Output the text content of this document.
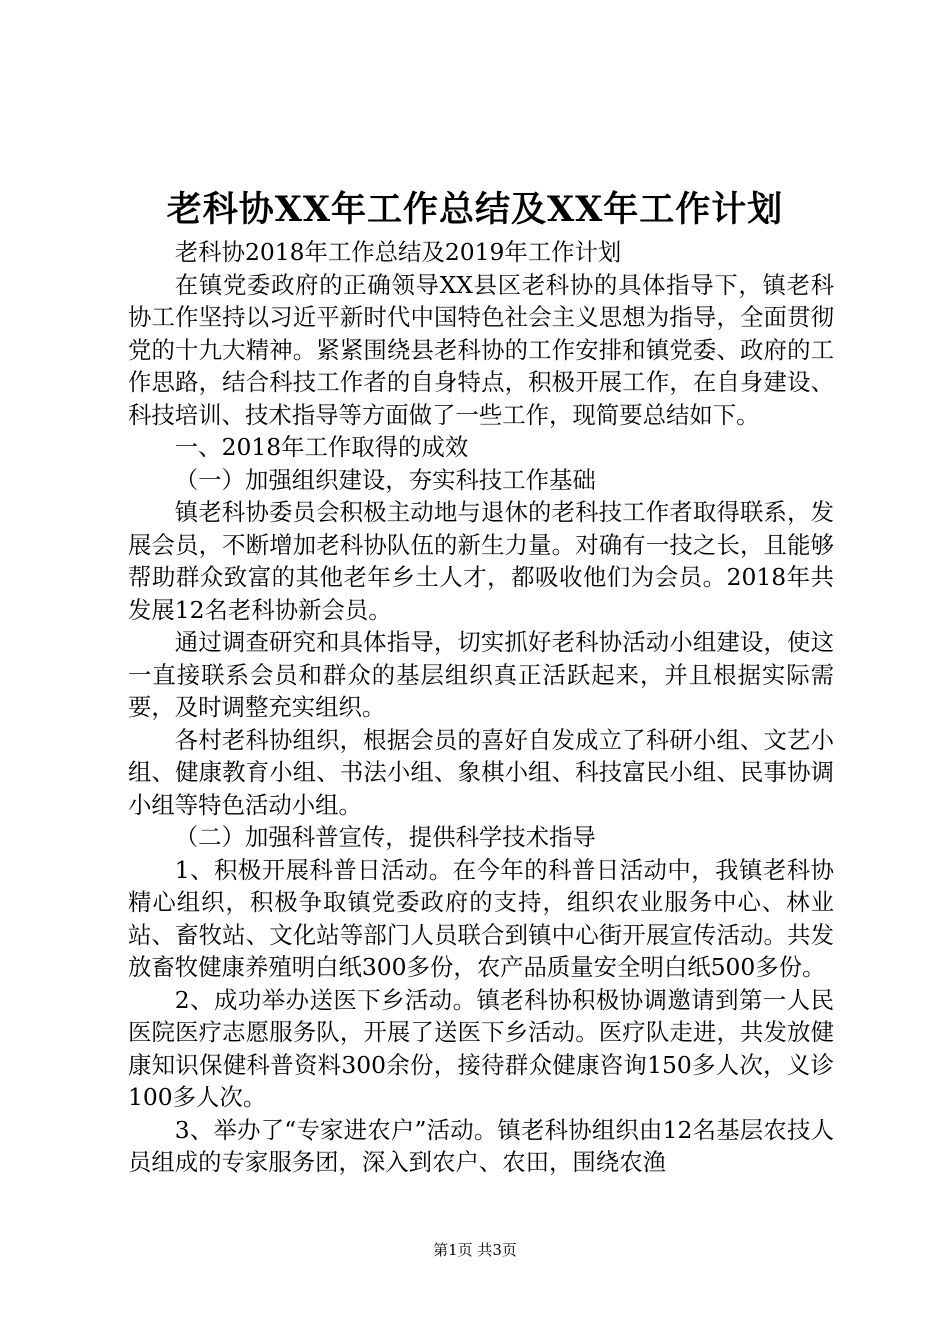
老科协XX年工作总结及XX年工作计划

老科协2018年工作总结及2019年工作计划

在镇党委政府的正确领导XX县区老科协的具体指导下，镇老科协工作坚持以习近平新时代中国特色社会主义思想为指导，全面贯彻党的十九大精神。紧紧围绕县老科协的工作安排和镇党委、政府的工作思路，结合科技工作者的自身特点，积极开展工作，在自身建设、科技培训、技术指导等方面做了一些工作，现简要总结如下。

一、2018年工作取得的成效

（一）加强组织建设，夯实科技工作基础

镇老科协委员会积极主动地与退休的老科技工作者取得联系，发展会员，不断增加老科协队伍的新生力量。对确有一技之长，且能够帮助群众致富的其他老年乡土人才，都吸收他们为会员。2018年共发展12名老科协新会员。

通过调查研究和具体指导，切实抓好老科协活动小组建设，使这一直接联系会员和群众的基层组织真正活跃起来，并且根据实际需要，及时调整充实组织。

各村老科协组织，根据会员的喜好自发成立了科研小组、文艺小组、健康教育小组、书法小组、象棋小组、科技富民小组、民事协调小组等特色活动小组。

（二）加强科普宣传，提供科学技术指导

1、积极开展科普日活动。在今年的科普日活动中，我镇老科协精心组织，积极争取镇党委政府的支持，组织农业服务中心、林业站、畜牧站、文化站等部门人员联合到镇中心街开展宣传活动。共发放畜牧健康养殖明白纸300多份，农产品质量安全明白纸500多份。

2、成功举办送医下乡活动。镇老科协积极协调邀请到第一人民医院医疗志愿服务队，开展了送医下乡活动。医疗队走进，共发放健康知识保健科普资料300余份，接待群众健康咨询150多人次，义诊100多人次。

3、举办了“专家进农户”活动。镇老科协组织由12名基层农技人员组成的专家服务团，深入到农户、农田，围绕农渔

第1页 共3页
